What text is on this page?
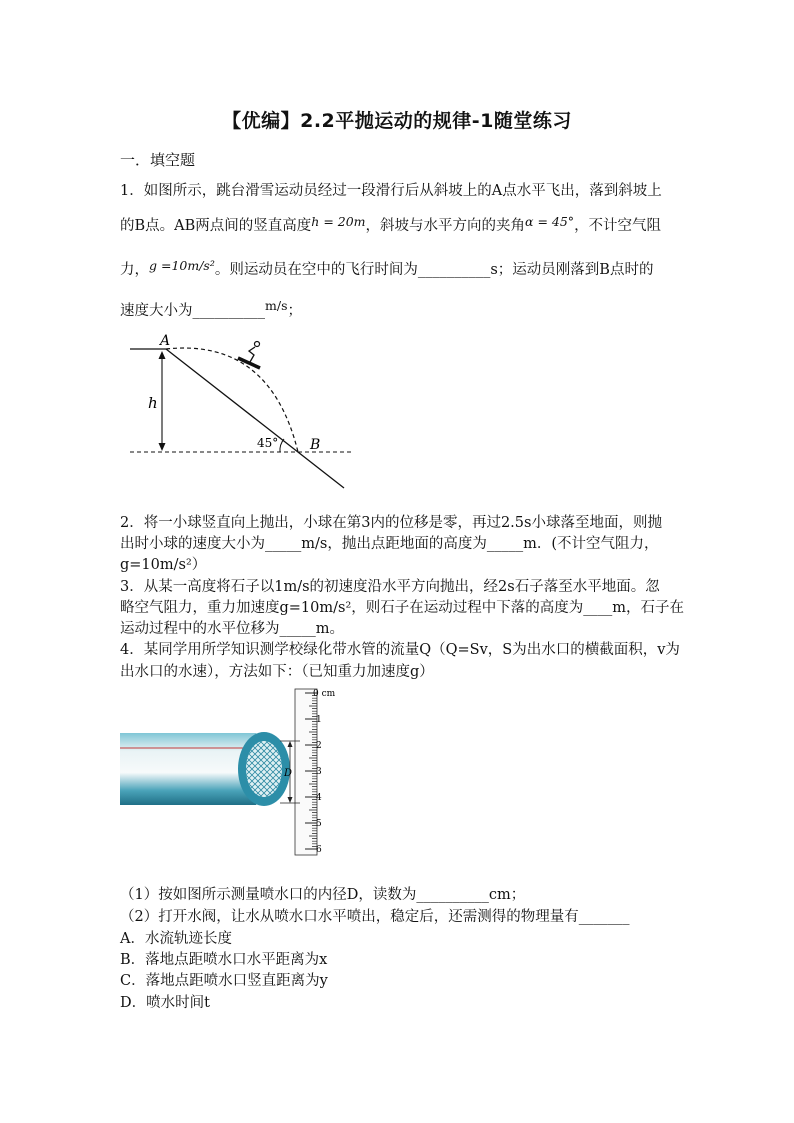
【优编】2.2平抛运动的规律-1随堂练习
一．填空题
1．如图所示，跳台滑雪运动员经过一段滑行后从斜坡上的A点水平飞出，落到斜坡上
的B点。AB两点间的竖直高度h = 20m，斜坡与水平方向的夹角α = 45°，不计空气阻
力，g =10m/s²。则运动员在空中的飞行时间为__________s；运动员刚落到B点时的
速度大小为__________m/s；
A
B
h
45°
2．将一小球竖直向上抛出，小球在第3内的位移是零，再过2.5s小球落至地面，则抛
出时小球的速度大小为_____m/s，抛出点距地面的高度为_____m．(不计空气阻力，
g=10m/s²）
3．从某一高度将石子以1m/s的初速度沿水平方向抛出，经2s石子落至水平地面。忽
略空气阻力，重力加速度g=10m/s²，则石子在运动过程中下落的高度为____m，石子在
运动过程中的水平位移为_____m。
4．某同学用所学知识测学校绿化带水管的流量Q（Q=Sv，S为出水口的横截面积，v为
出水口的水速），方法如下：（已知重力加速度g）
0 cm
1
2
3
4
5
6
D
（1）按如图所示测量喷水口的内径D，读数为__________cm；
（2）打开水阀，让水从喷水口水平喷出，稳定后，还需测得的物理量有_______
A．水流轨迹长度
B．落地点距喷水口水平距离为x
C．落地点距喷水口竖直距离为y
D．喷水时间t
